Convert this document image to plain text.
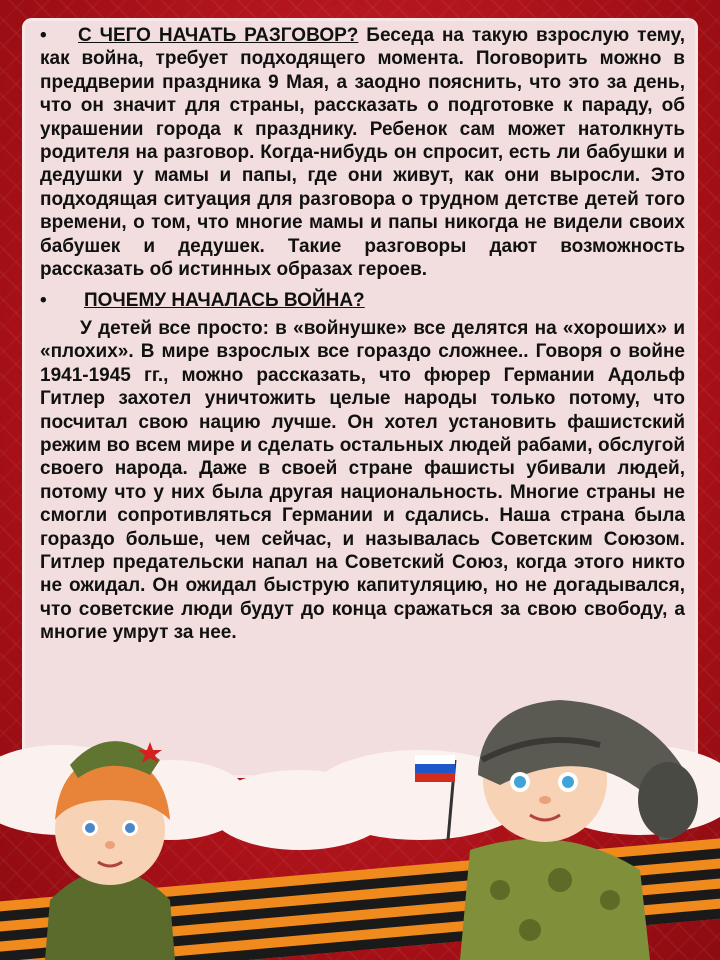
• С ЧЕГО НАЧАТЬ РАЗГОВОР? Беседа на такую взрослую тему, как война, требует подходящего момента. Поговорить можно в преддверии праздника 9 Мая, а заодно пояснить, что это за день, что он значит для страны, рассказать о подготовке к параду, об украшении города к празднику. Ребенок сам может натолкнуть родителя на разговор. Когда-нибудь он спросит, есть ли бабушки и дедушки у мамы и папы, где они живут, как они выросли. Это подходящая ситуация для разговора о трудном детстве детей того времени, о том, что многие мамы и папы никогда не видели своих бабушек и дедушек. Такие разговоры дают возможность рассказать об истинных образах героев.

• ПОЧЕМУ НАЧАЛАСЬ ВОЙНА?

У детей все просто: в «войнушке» все делятся на «хороших» и «плохих». В мире взрослых все гораздо сложнее.. Говоря о войне 1941-1945 гг., можно рассказать, что фюрер Германии Адольф Гитлер захотел уничтожить целые народы только потому, что посчитал свою нацию лучше. Он хотел установить фашистский режим во всем мире и сделать остальных людей рабами, обслугой своего народа. Даже в своей стране фашисты убивали людей, потому что у них была другая национальность. Многие страны не смогли сопротивляться Германии и сдались. Наша страна была гораздо больше, чем сейчас, и называлась Советским Союзом. Гитлер предательски напал на Советский Союз, когда этого никто не ожидал. Он ожидал быструю капитуляцию, но не догадывался, что советские люди будут до конца сражаться за свою свободу, а многие умрут за нее.
